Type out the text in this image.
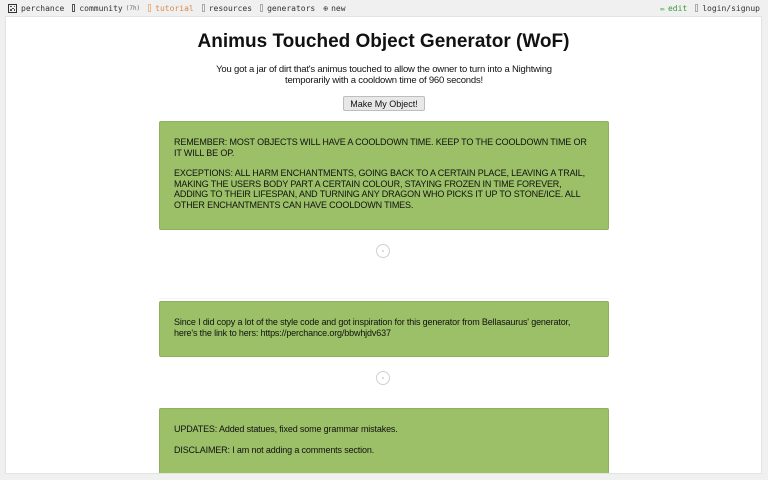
perchance community (7h) tutorial resources generators ⊕ new	✏ edit login/signup
Animus Touched Object Generator (WoF)
You got a jar of dirt that's animus touched to allow the owner to turn into a Nightwing temporarily with a cooldown time of 960 seconds!
Make My Object!

REMEMBER: MOST OBJECTS WILL HAVE A COOLDOWN TIME. KEEP TO THE COOLDOWN TIME OR IT WILL BE OP.

EXCEPTIONS: ALL HARM ENCHANTMENTS, GOING BACK TO A CERTAIN PLACE, LEAVING A TRAIL, MAKING THE USERS BODY PART A CERTAIN COLOUR, STAYING FROZEN IN TIME FOREVER, ADDING TO THEIR LIFESPAN, AND TURNING ANY DRAGON WHO PICKS IT UP TO STONE/ICE. ALL OTHER ENCHANTMENTS CAN HAVE COOLDOWN TIMES.

Since I did copy a lot of the style code and got inspiration for this generator from Bellasaurus' generator, here's the link to hers: https://perchance.org/bbwhjdv637

UPDATES: Added statues, fixed some grammar mistakes.

DISCLAIMER: I am not adding a comments section.
